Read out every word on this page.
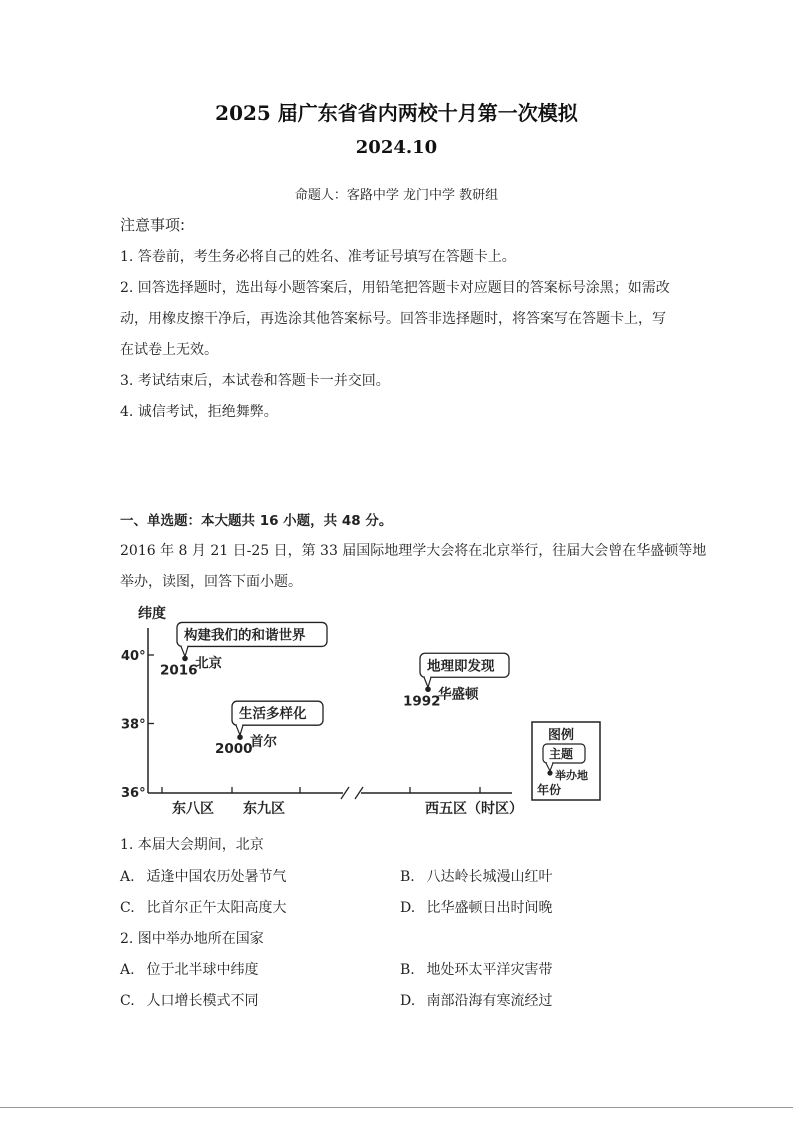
2025 届广东省省内两校十月第一次模拟
2024.10
命题人：客路中学 龙门中学 教研组
注意事项:
1. 答卷前，考生务必将自己的姓名、准考证号填写在答题卡上。
2. 回答选择题时，选出每小题答案后，用铅笔把答题卡对应题目的答案标号涂黑；如需改
动，用橡皮擦干净后，再选涂其他答案标号。回答非选择题时，将答案写在答题卡上，写
在试卷上无效。
3. 考试结束后，本试卷和答题卡一并交回。
4. 诚信考试，拒绝舞弊。
一、单选题：本大题共 16 小题，共 48 分。
2016 年 8 月 21 日-25 日，第 33 届国际地理学大会将在北京举行，往届大会曾在华盛顿等地
举办，读图，回答下面小题。
纬度
图例
主题
举办地
年份
40°
38°
36°
东八区 东九区	西五区（时区）
构建我们的和谐世界
2016
北京
生活多样化
2000
首尔
地理即发现
1992
华盛顿
1. 本届大会期间，北京
A. 适逢中国农历处暑节气	B. 八达岭长城漫山红叶
C. 比首尔正午太阳高度大	D. 比华盛顿日出时间晚
2. 图中举办地所在国家
A. 位于北半球中纬度	B. 地处环太平洋灾害带
C. 人口增长模式不同	D. 南部沿海有寒流经过
